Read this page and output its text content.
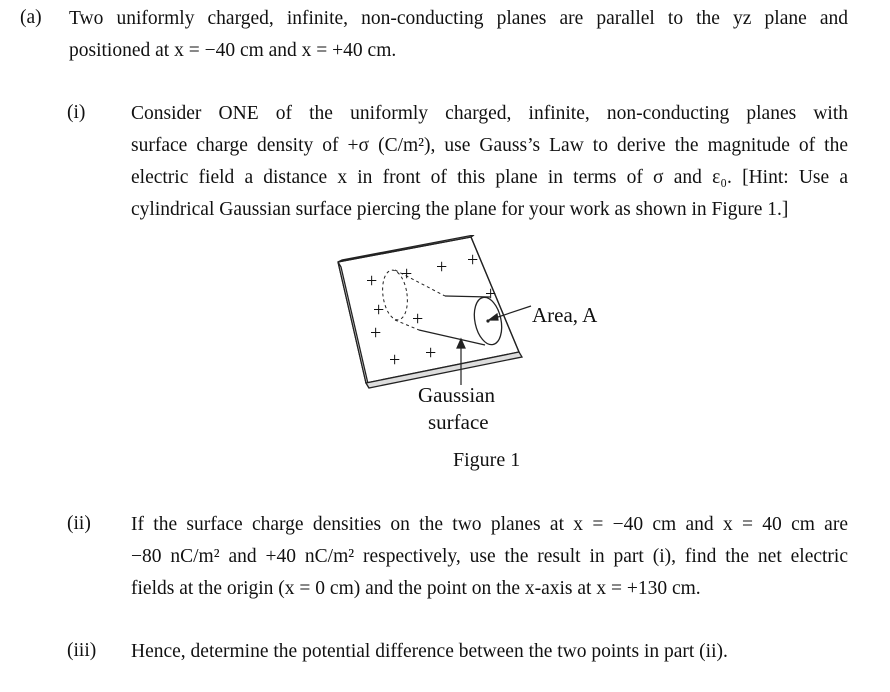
(a) Two uniformly charged, infinite, non-conducting planes are parallel to the yz plane and
positioned at x = −40 cm and x = +40 cm.
(i) Consider ONE of the uniformly charged, infinite, non-conducting planes with
surface charge density of +σ (C/m²), use Gauss’s Law to derive the magnitude of the
electric field a distance x in front of this plane in terms of σ and ε₀. [Hint: Use a
cylindrical Gaussian surface piercing the plane for your work as shown in Figure 1.]
+ + + +
+
+ +
+
+ +
Area, A
Gaussian
surface
Figure 1
(ii) If the surface charge densities on the two planes at x = −40 cm and x = 40 cm are
−80 nC/m² and +40 nC/m² respectively, use the result in part (i), find the net electric
fields at the origin (x = 0 cm) and the point on the x-axis at x = +130 cm.
(iii) Hence, determine the potential difference between the two points in part (ii).
